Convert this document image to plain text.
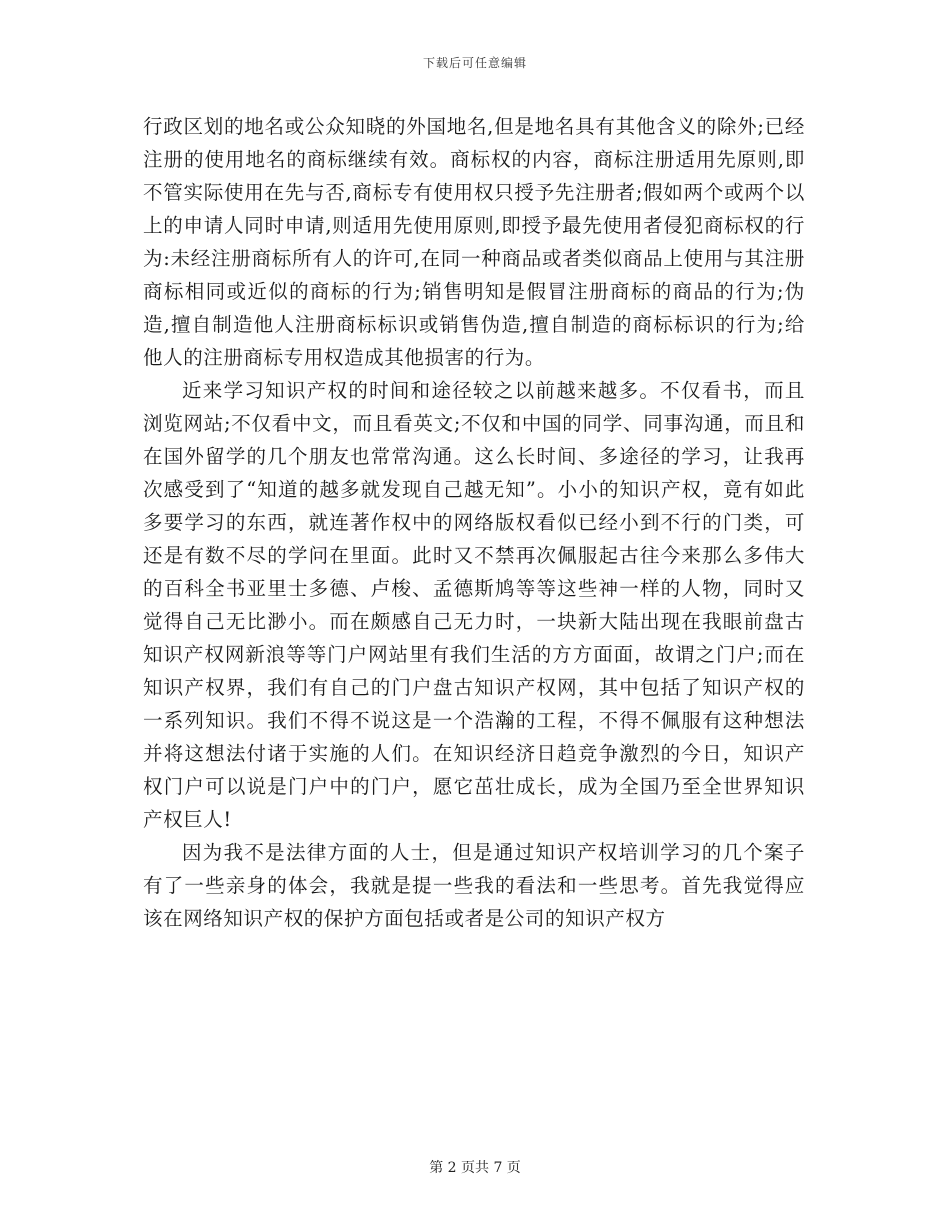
下载后可任意编辑

行政区划的地名或公众知晓的外国地名,但是地名具有其他含义的除外;已经注册的使用地名的商标继续有效。商标权的内容，商标注册适用先原则,即不管实际使用在先与否,商标专有使用权只授予先注册者;假如两个或两个以上的申请人同时申请,则适用先使用原则,即授予最先使用者侵犯商标权的行为:未经注册商标所有人的许可,在同一种商品或者类似商品上使用与其注册商标相同或近似的商标的行为;销售明知是假冒注册商标的商品的行为;伪造,擅自制造他人注册商标标识或销售伪造,擅自制造的商标标识的行为;给他人的注册商标专用权造成其他损害的行为。

近来学习知识产权的时间和途径较之以前越来越多。不仅看书，而且浏览网站;不仅看中文，而且看英文;不仅和中国的同学、同事沟通，而且和在国外留学的几个朋友也常常沟通。这么长时间、多途径的学习，让我再次感受到了“知道的越多就发现自己越无知”。小小的知识产权，竟有如此多要学习的东西，就连著作权中的网络版权看似已经小到不行的门类，可还是有数不尽的学问在里面。此时又不禁再次佩服起古往今来那么多伟大的百科全书亚里士多德、卢梭、孟德斯鸠等等这些神一样的人物，同时又觉得自己无比渺小。而在颇感自己无力时，一块新大陆出现在我眼前盘古知识产权网新浪等等门户网站里有我们生活的方方面面，故谓之门户;而在知识产权界，我们有自己的门户盘古知识产权网，其中包括了知识产权的一系列知识。我们不得不说这是一个浩瀚的工程，不得不佩服有这种想法并将这想法付诸于实施的人们。在知识经济日趋竞争激烈的今日，知识产权门户可以说是门户中的门户，愿它茁壮成长，成为全国乃至全世界知识产权巨人!

因为我不是法律方面的人士，但是通过知识产权培训学习的几个案子有了一些亲身的体会，我就是提一些我的看法和一些思考。首先我觉得应该在网络知识产权的保护方面包括或者是公司的知识产权方

第 2 页共 7 页
